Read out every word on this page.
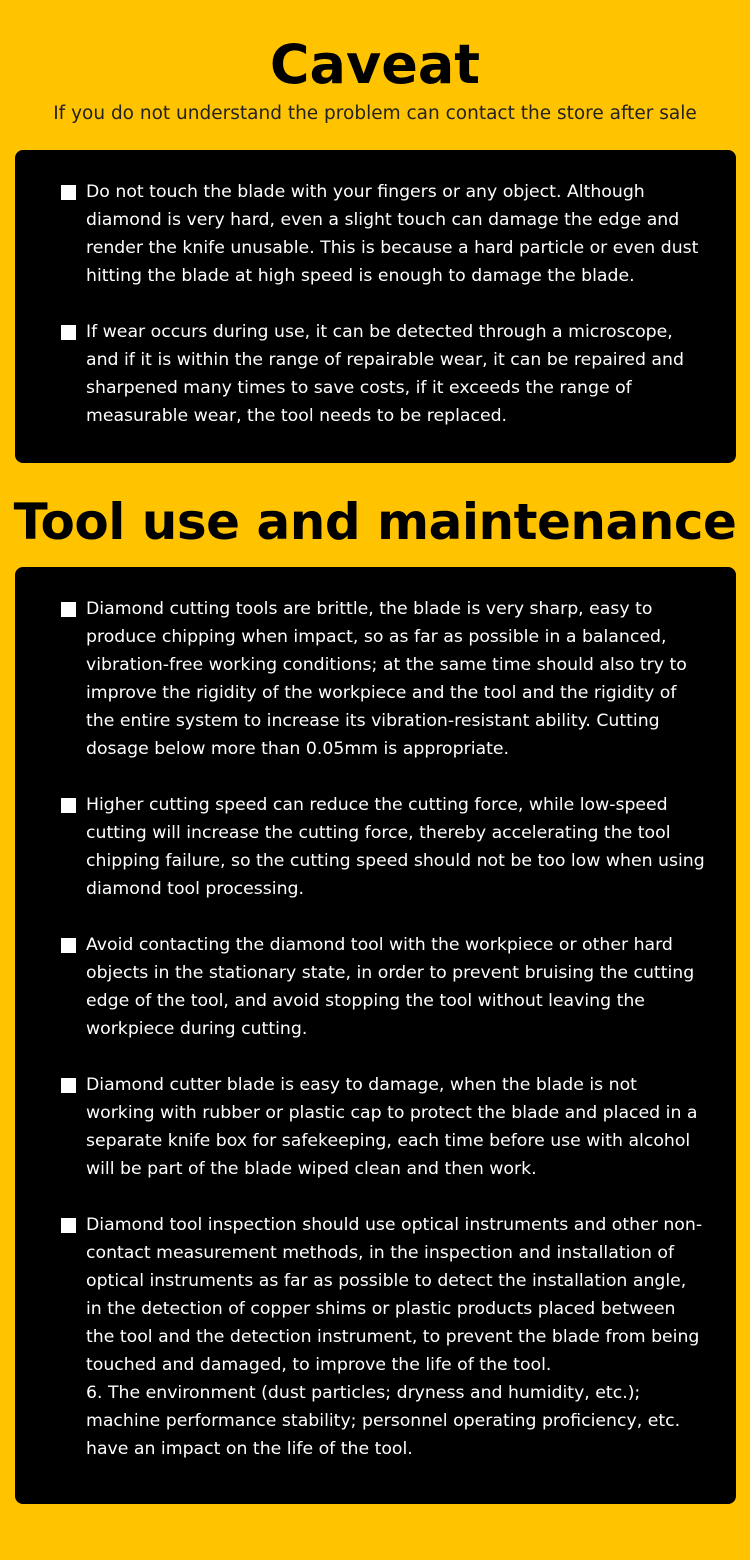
Caveat

If you do not understand the problem can contact the store after sale

Do not touch the blade with your fingers or any object. Although diamond is very hard, even a slight touch can damage the edge and render the knife unusable. This is because a hard particle or even dust hitting the blade at high speed is enough to damage the blade.
If wear occurs during use, it can be detected through a microscope, and if it is within the range of repairable wear, it can be repaired and sharpened many times to save costs, if it exceeds the range of measurable wear, the tool needs to be replaced.
Tool use and maintenance
Diamond cutting tools are brittle, the blade is very sharp, easy to produce chipping when impact, so as far as possible in a balanced, vibration-free working conditions; at the same time should also try to improve the rigidity of the workpiece and the tool and the rigidity of the entire system to increase its vibration-resistant ability. Cutting dosage below more than 0.05mm is appropriate.
Higher cutting speed can reduce the cutting force, while low-speed cutting will increase the cutting force, thereby accelerating the tool chipping failure, so the cutting speed should not be too low when using diamond tool processing.
Avoid contacting the diamond tool with the workpiece or other hard objects in the stationary state, in order to prevent bruising the cutting edge of the tool, and avoid stopping the tool without leaving the workpiece during cutting.
Diamond cutter blade is easy to damage, when the blade is not working with rubber or plastic cap to protect the blade and placed in a separate knife box for safekeeping, each time before use with alcohol will be part of the blade wiped clean and then work.
Diamond tool inspection should use optical instruments and other non-contact measurement methods, in the inspection and installation of optical instruments as far as possible to detect the installation angle, in the detection of copper shims or plastic products placed between the tool and the detection instrument, to prevent the blade from being touched and damaged, to improve the life of the tool.
6. The environment (dust particles; dryness and humidity, etc.); machine performance stability; personnel operating proficiency, etc. have an impact on the life of the tool.
